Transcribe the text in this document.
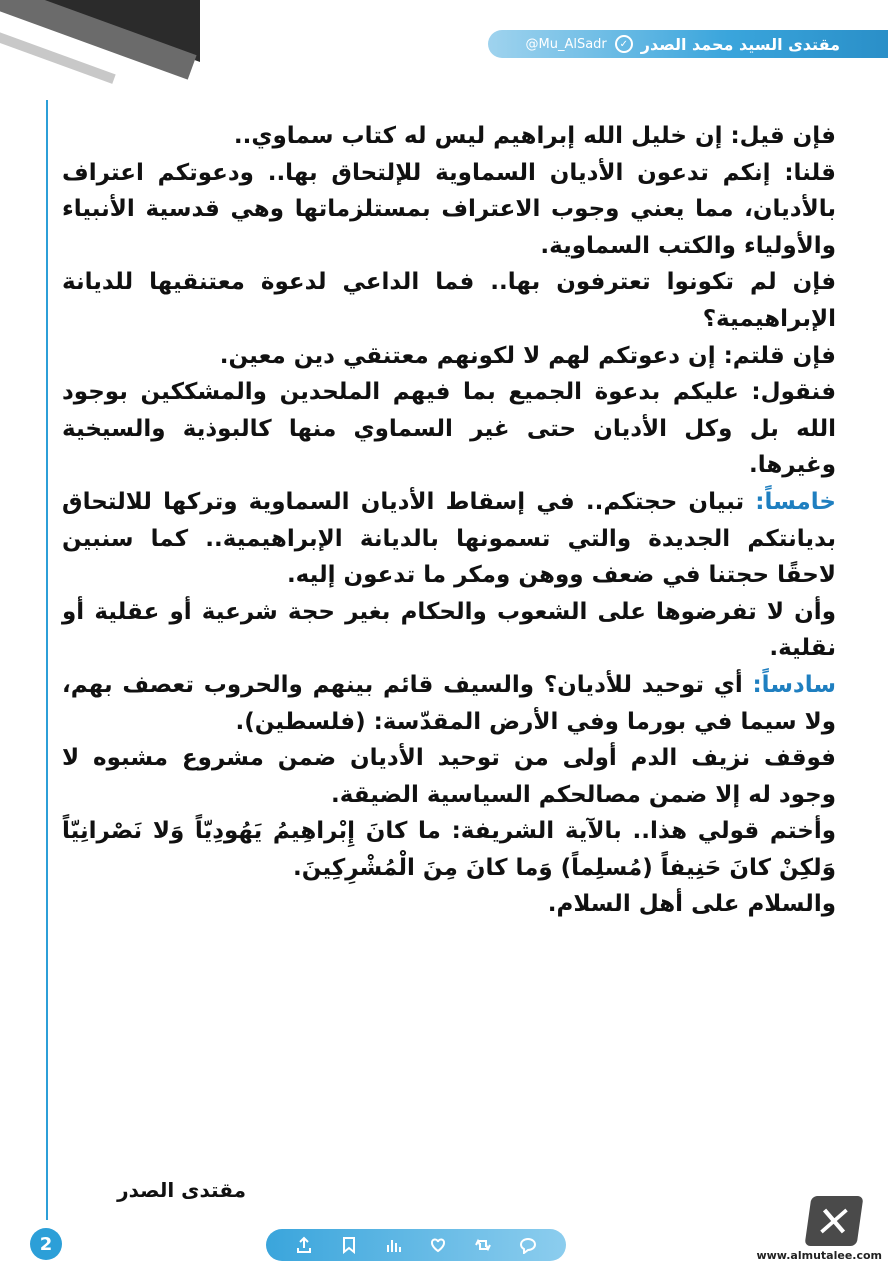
مقتدى السيد محمد الصدر
✓
@Mu_AlSadr

فإن قيل: إن خليل الله إبراهيم ليس له كتاب سماوي..

قلنا: إنكم تدعون الأديان السماوية للإلتحاق بها.. ودعوتكم اعتراف بالأديان، مما يعني وجوب الاعتراف بمستلزماتها وهي قدسية الأنبياء والأولياء والكتب السماوية.

فإن لم تكونوا تعترفون بها.. فما الداعي لدعوة معتنقيها للديانة الإبراهيمية؟

فإن قلتم: إن دعوتكم لهم لا لكونهم معتنقي دين معين.

فنقول: عليكم بدعوة الجميع بما فيهم الملحدين والمشككين بوجود الله بل وكل الأديان حتى غير السماوي منها كالبوذية والسيخية وغيرها.

خامساً: تبيان حجتكم.. في إسقاط الأديان السماوية وتركها للالتحاق بديانتكم الجديدة والتي تسمونها بالديانة الإبراهيمية.. كما سنبين لاحقًا حجتنا في ضعف ووهن ومكر ما تدعون إليه.

وأن لا تفرضوها على الشعوب والحكام بغير حجة شرعية أو عقلية أو نقلية.

سادساً: أي توحيد للأديان؟ والسيف قائم بينهم والحروب تعصف بهم، ولا سيما في بورما وفي الأرض المقدّسة: (فلسطين).

فوقف نزيف الدم أولى من توحيد الأديان ضمن مشروع مشبوه لا وجود له إلا ضمن مصالحكم السياسية الضيقة.

وأختم قولي هذا.. بالآية الشريفة: ما كانَ إِبْراهِيمُ يَهُودِيّاً وَلا نَصْرانِيّاً وَلكِنْ كانَ حَنِيفاً (مُسلِماً) وَما كانَ مِنَ الْمُشْرِكِينَ.

والسلام على أهل السلام.

مقتدى الصدر
2
www.almutalee.com
